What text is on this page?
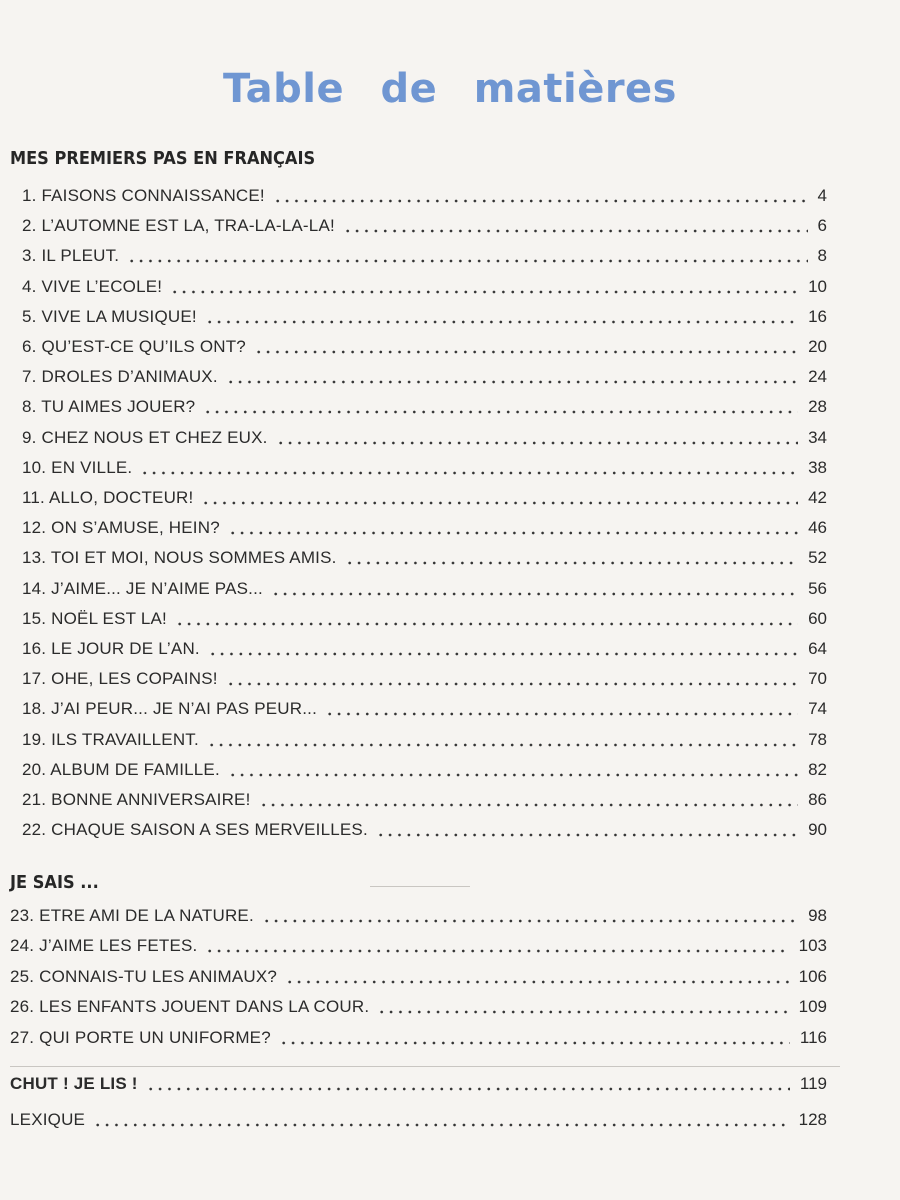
Table de matières
MES PREMIERS PAS EN FRANÇAIS
1. FAISONS CONNAISSANCE!	4
2. L’AUTOMNE EST LA, TRA-LA-LA-LA!	6
3. IL PLEUT.	8
4. VIVE L’ECOLE!	10
5. VIVE LA MUSIQUE!	16
6. QU’EST-CE QU’ILS ONT?	20
7. DROLES D’ANIMAUX.	24
8. TU AIMES JOUER?	28
9. CHEZ NOUS ET CHEZ EUX.	34
10. EN VILLE.	38
11. ALLO, DOCTEUR!	42
12. ON S’AMUSE, HEIN?	46
13. TOI ET MOI, NOUS SOMMES AMIS.	52
14. J’AIME... JE N’AIME PAS...	56
15. NOËL EST LA!	60
16. LE JOUR DE L’AN.	64
17. OHE, LES COPAINS!	70
18. J’AI PEUR... JE N’AI PAS PEUR...	74
19. ILS TRAVAILLENT.	78
20. ALBUM DE FAMILLE.	82
21. BONNE ANNIVERSAIRE!	86
22. CHAQUE SAISON A SES MERVEILLES.	90
JE SAIS ...
23. ETRE AMI DE LA NATURE.	98
24. J’AIME LES FETES.	103
25. CONNAIS-TU LES ANIMAUX?	106
26. LES ENFANTS JOUENT DANS LA COUR.	109
27. QUI PORTE UN UNIFORME?	116
CHUT ! JE LIS !	119
LEXIQUE	128
